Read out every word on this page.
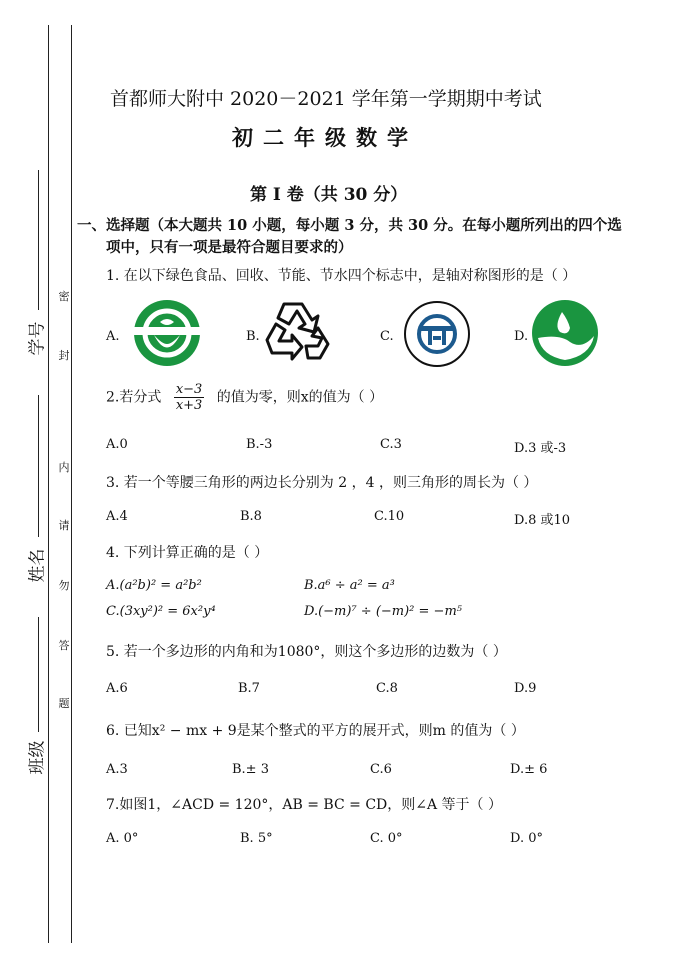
学号
姓名
班级
密
封
内
请
勿
答
题
首都师大附中 2020－2021 学年第一学期期中考试
初二年级数学
第 I 卷（共 30 分）
一、选择题（本大题共 10 小题，每小题 3 分，共 30 分。在每小题所列出的四个选
项中，只有一项是最符合题目要求的）
1. 在以下绿色食品、回收、节能、节水四个标志中，是轴对称图形的是（ ）
A.	B.	C.	D.
2.若分式 $\frac{x-3}{x+3}$ 的值为零，则x的值为（ ）
A.0	B.-3	C.3	D.3 或-3
3. 若一个等腰三角形的两边长分别为 2 ，4 ，则三角形的周长为（ ）
A.4	B.8	C.10	D.8 或10
4. 下列计算正确的是（ ）
A.(a²b)² = a²b²	B.a⁶ ÷ a² = a³
C.(3xy²)² = 6x²y⁴	D.(−m)⁷ ÷ (−m)² = −m⁵
5. 若一个多边形的内角和为1080°，则这个多边形的边数为（ ）
A.6	B.7	C.8	D.9
6. 已知x² − mx + 9是某个整式的平方的展开式，则m 的值为（ ）
A.3	B.± 3	C.6	D.± 6
7.如图1，∠ACD = 120°，AB = BC = CD，则∠A 等于（ ）
A. 0°	B. 5°	C. 0°	D. 0°
